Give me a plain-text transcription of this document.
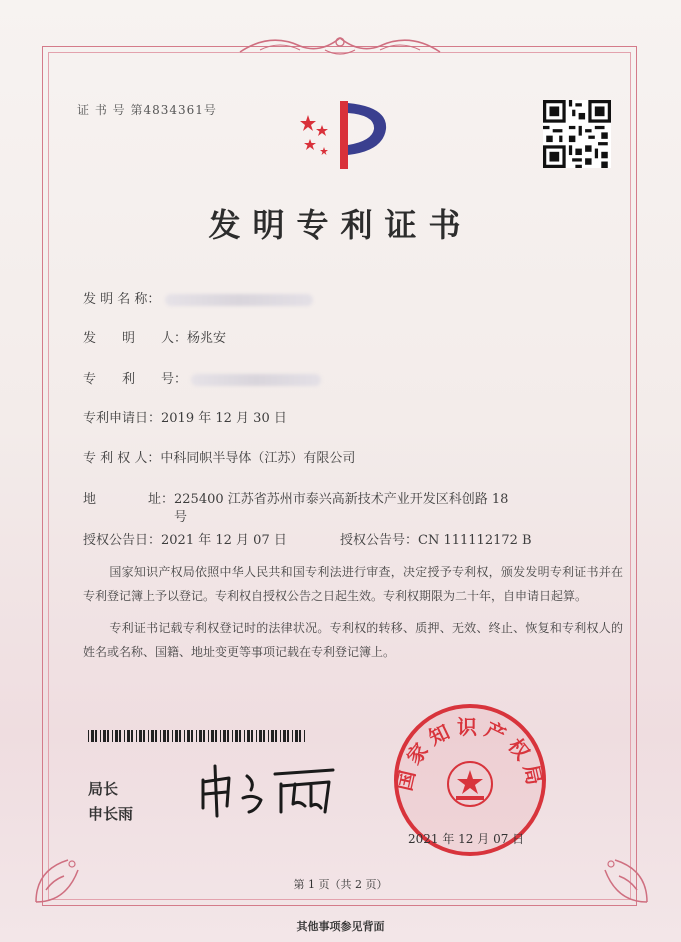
证 书 号 第4834361号
发明专利证书
发 明 名 称：
发　　明　　人：杨兆安
专　　利　　号：
专利申请日：2019 年 12 月 30 日
专 利 权 人：中科同帜半导体（江苏）有限公司
地　　　　址：225400 江苏省苏州市泰兴高新技术产业开发区科创路 18
号
授权公告日：2021 年 12 月 07 日	授权公告号：CN 111112172 B
国家知识产权局依照中华人民共和国专利法进行审查，决定授予专利权，颁发发明专利证书并在专利登记簿上予以登记。专利权自授权公告之日起生效。专利权期限为二十年，自申请日起算。
专利证书记载专利权登记时的法律状况。专利权的转移、质押、无效、终止、恢复和专利权人的姓名或名称、国籍、地址变更等事项记载在专利登记簿上。
局长
申长雨
国家知识产权局
2021 年 12 月 07 日
第 1 页（共 2 页）
其他事项参见背面
